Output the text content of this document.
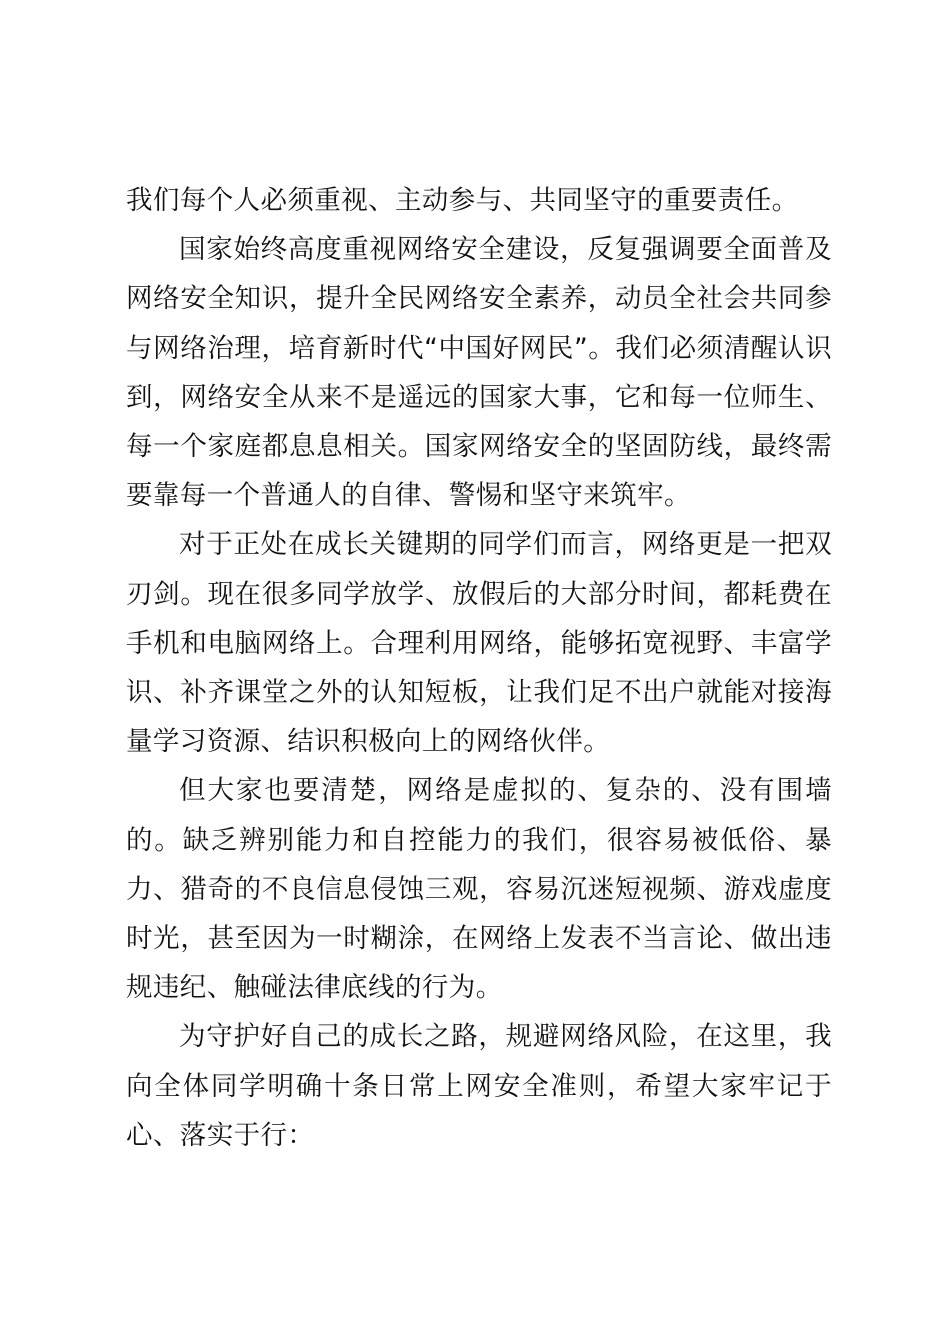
我们每个人必须重视、主动参与、共同坚守的重要责任。

国家始终高度重视网络安全建设，反复强调要全面普及网络安全知识，提升全民网络安全素养，动员全社会共同参与网络治理，培育新时代“中国好网民”。我们必须清醒认识到，网络安全从来不是遥远的国家大事，它和每一位师生、每一个家庭都息息相关。国家网络安全的坚固防线，最终需要靠每一个普通人的自律、警惕和坚守来筑牢。

对于正处在成长关键期的同学们而言，网络更是一把双刃剑。现在很多同学放学、放假后的大部分时间，都耗费在手机和电脑网络上。合理利用网络，能够拓宽视野、丰富学识、补齐课堂之外的认知短板，让我们足不出户就能对接海量学习资源、结识积极向上的网络伙伴。

但大家也要清楚，网络是虚拟的、复杂的、没有围墙的。缺乏辨别能力和自控能力的我们，很容易被低俗、暴力、猎奇的不良信息侵蚀三观，容易沉迷短视频、游戏虚度时光，甚至因为一时糊涂，在网络上发表不当言论、做出违规违纪、触碰法律底线的行为。

为守护好自己的成长之路，规避网络风险，在这里，我向全体同学明确十条日常上网安全准则，希望大家牢记于心、落实于行：
